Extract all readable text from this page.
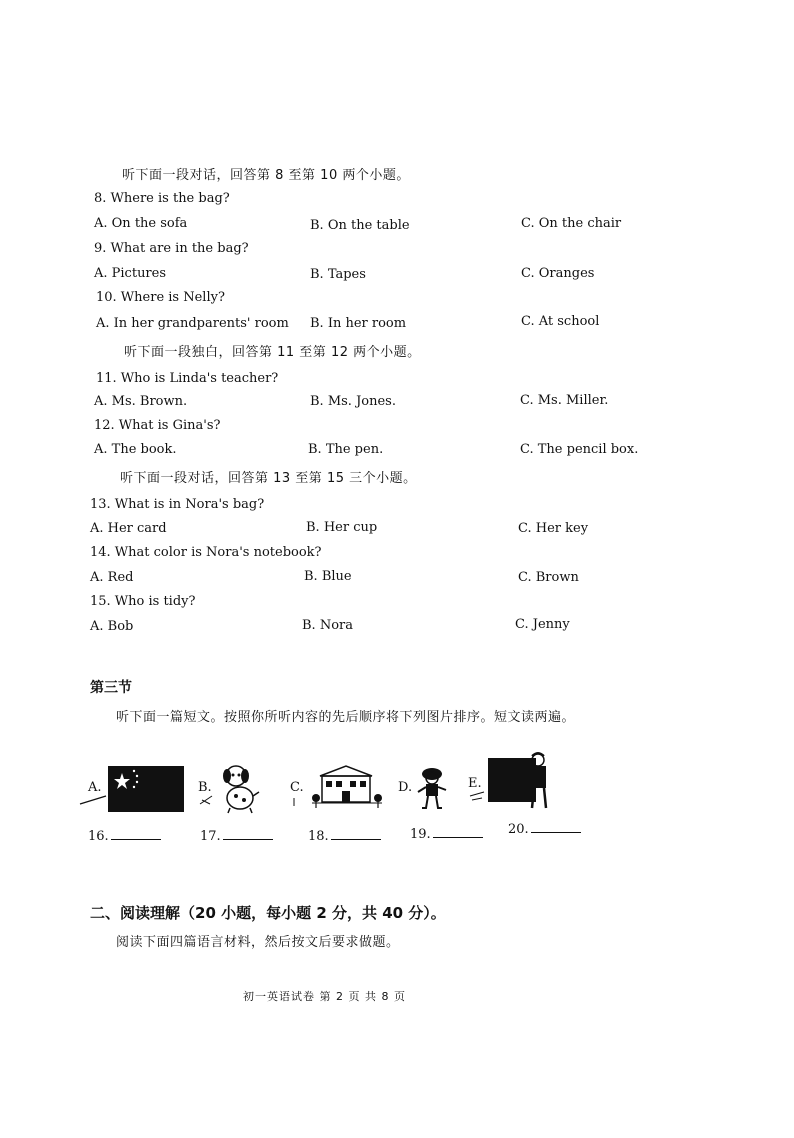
听下面一段对话，回答第 8 至第 10 两个小题。
8. Where is the bag?
A. On the sofa	B. On the table	C. On the chair
9. What are in the bag?
A. Pictures	B. Tapes	C. Oranges
10. Where is Nelly?
A. In her grandparents' room B. In her room	C. At school
听下面一段独白，回答第 11 至第 12 两个小题。
11. Who is Linda's teacher?
A. Ms. Brown.	B. Ms. Jones.	C. Ms. Miller.
12. What is Gina's?
A. The book.	B. The pen.	C. The pencil box.
听下面一段对话，回答第 13 至第 15 三个小题。
13. What is in Nora's bag?
A. Her card	B. Her cup	C. Her key
14. What color is Nora's notebook?
A. Red	B. Blue	C. Brown
15. Who is tidy?
A. Bob	B. Nora	C. Jenny
第三节
听下面一篇短文。按照你所听内容的先后顺序将下列图片排序。短文读两遍。
A.	B.	C.	D.	E.
16.	17.	18.	19.	20.
二、阅读理解（20 小题，每小题 2 分，共 40 分）。
阅读下面四篇语言材料，然后按文后要求做题。
初一英语试卷 第 2 页 共 8 页
